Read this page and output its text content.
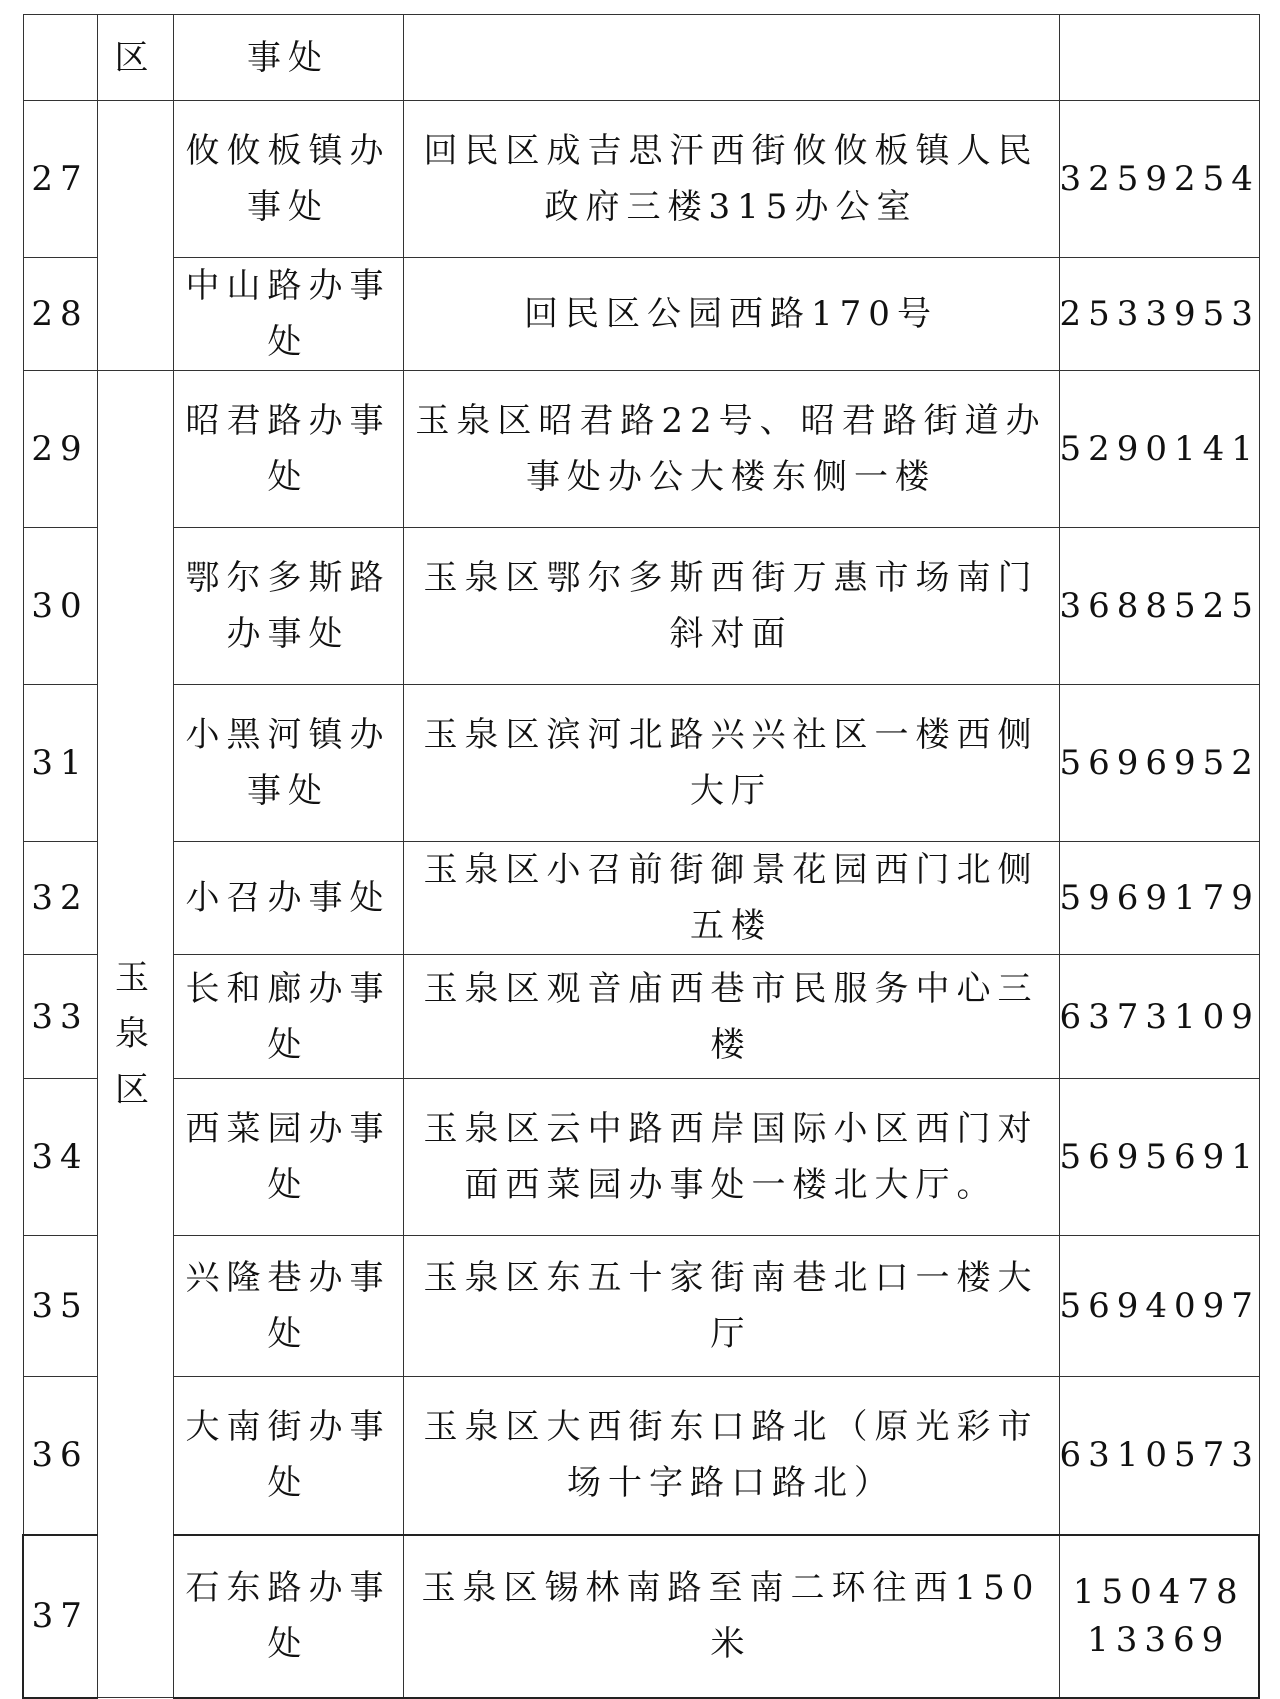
	区	事处		
27		攸攸板镇办事处	回民区成吉思汗西街攸攸板镇人民政府三楼315办公室	3259254
28		中山路办事处	回民区公园西路170号	2533953
29	玉泉区	昭君路办事处	玉泉区昭君路22号、昭君路街道办事处办公大楼东侧一楼	5290141
30		鄂尔多斯路办事处	玉泉区鄂尔多斯西街万惠市场南门斜对面	3688525
31		小黑河镇办事处	玉泉区滨河北路兴兴社区一楼西侧大厅	5696952
32		小召办事处	玉泉区小召前街御景花园西门北侧五楼	5969179
33		长和廊办事处	玉泉区观音庙西巷市民服务中心三楼	6373109
34		西菜园办事处	玉泉区云中路西岸国际小区西门对面西菜园办事处一楼北大厅。	5695691
35		兴隆巷办事处	玉泉区东五十家街南巷北口一楼大厅	5694097
36		大南街办事处	玉泉区大西街东口路北（原光彩市场十字路口路北）	6310573
37		石东路办事处	玉泉区锡林南路至南二环往西150米	15047813369
